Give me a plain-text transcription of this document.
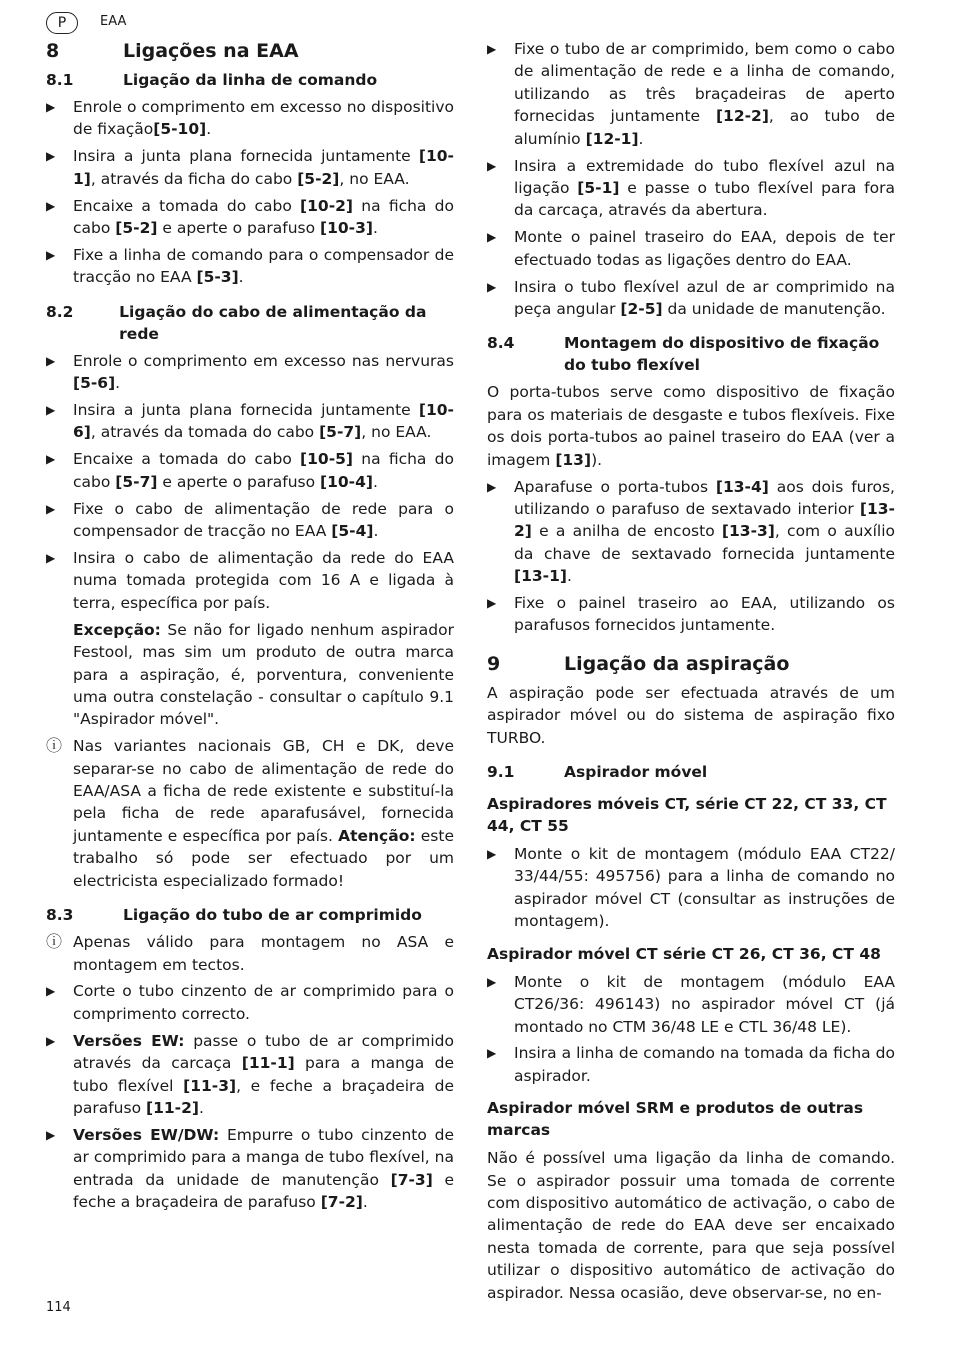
P	EAA
8	Ligações na EAA
8.1	Ligação da linha de comando
▶	Enrole o comprimento em excesso no dispositivo de fixação[5-10].
▶	Insira a junta plana fornecida juntamente [10-1], através da ficha do cabo [5-2], no EAA.
▶	Encaixe a tomada do cabo [10-2] na ficha do cabo [5-2] e aperte o parafuso [10-3].
▶	Fixe a linha de comando para o compensador de tracção no EAA [5-3].
8.2	Ligação do cabo de alimentação da rede
▶	Enrole o comprimento em excesso nas nervuras [5-6].
▶	Insira a junta plana fornecida juntamente [10-6], através da tomada do cabo [5-7], no EAA.
▶	Encaixe a tomada do cabo [10-5] na ficha do cabo [5-7] e aperte o parafuso [10-4].
▶	Fixe o cabo de alimentação de rede para o compensador de tracção no EAA [5-4].
▶	Insira o cabo de alimentação da rede do EAA numa tomada protegida com 16 A e ligada à terra, específica por país.
Excepção: Se não for ligado nenhum aspirador Festool, mas sim um produto de outra marca para a aspiração, é, porventura, conveniente uma outra constelação - consultar o capítulo 9.1 "Aspirador móvel".
ⓘ Nas variantes nacionais GB, CH e DK, deve separar-se no cabo de alimentação de rede do EAA/ASA a ficha de rede existente e substituí-la pela ficha de rede aparafusável, fornecida juntamente e específica por país. Atenção: este trabalho só pode ser efectuado por um electricista especializado formado!
8.3	Ligação do tubo de ar comprimido
ⓘ Apenas válido para montagem no ASA e montagem em tectos.
▶	Corte o tubo cinzento de ar comprimido para o comprimento correcto.
▶	Versões EW: passe o tubo de ar comprimido através da carcaça [11-1] para a manga de tubo flexível [11-3], e feche a braçadeira de parafuso [11-2].
▶	Versões EW/DW: Empurre o tubo cinzento de ar comprimido para a manga de tubo flexível, na entrada da unidade de manutenção [7-3] e feche a braçadeira de parafuso [7-2].
▶	Fixe o tubo de ar comprimido, bem como o cabo de alimentação de rede e a linha de comando, utilizando as três braçadeiras de aperto fornecidas juntamente [12-2], ao tubo de alumínio [12-1].
▶	Insira a extremidade do tubo flexível azul na ligação [5-1] e passe o tubo flexível para fora da carcaça, através da abertura.
▶	Monte o painel traseiro do EAA, depois de ter efectuado todas as ligações dentro do EAA.
▶	Insira o tubo flexível azul de ar comprimido na peça angular [2-5] da unidade de manutenção.
8.4	Montagem do dispositivo de fixação do tubo flexível
O porta-tubos serve como dispositivo de fixação para os materiais de desgaste e tubos flexíveis. Fixe os dois porta-tubos ao painel traseiro do EAA (ver a imagem [13]).
▶	Aparafuse o porta-tubos [13-4] aos dois furos, utilizando o parafuso de sextavado interior [13-2] e a anilha de encosto [13-3], com o auxílio da chave de sextavado fornecida juntamente [13-1].
▶	Fixe o painel traseiro ao EAA, utilizando os parafusos fornecidos juntamente.
9	Ligação da aspiração
A aspiração pode ser efectuada através de um aspirador móvel ou do sistema de aspiração fixo TURBO.
9.1	Aspirador móvel
Aspiradores móveis CT, série CT 22, CT 33, CT 44, CT 55
▶	Monte o kit de montagem (módulo EAA CT22/ 33/44/55: 495756) para a linha de comando no aspirador móvel CT (consultar as instruções de montagem).
Aspirador móvel CT série CT 26, CT 36, CT 48
▶	Monte o kit de montagem (módulo EAA CT26/36: 496143) no aspirador móvel CT (já montado no CTM 36/48 LE e CTL 36/48 LE).
▶	Insira a linha de comando na tomada da ficha do aspirador.
Aspirador móvel SRM e produtos de outras marcas
Não é possível uma ligação da linha de comando. Se o aspirador possuir uma tomada de corrente com dispositivo automático de activação, o cabo de alimentação de rede do EAA deve ser encaixado nesta tomada de corrente, para que seja possível utilizar o dispositivo automático de activação do aspirador. Nessa ocasião, deve observar-se, no en-
114
